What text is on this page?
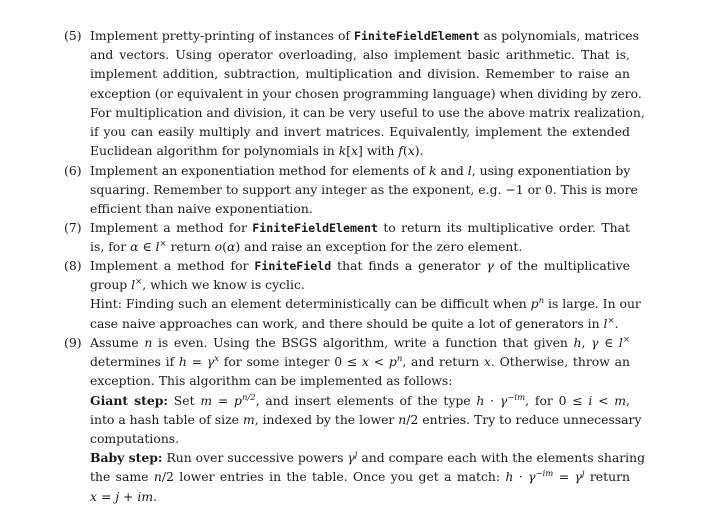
(5) Implement pretty-printing of instances of FiniteFieldElement as polynomials, matrices
and vectors. Using operator overloading, also implement basic arithmetic. That is,
implement addition, subtraction, multiplication and division. Remember to raise an
exception (or equivalent in your chosen programming language) when dividing by zero.
For multiplication and division, it can be very useful to use the above matrix realization,
if you can easily multiply and invert matrices. Equivalently, implement the extended
Euclidean algorithm for polynomials in k[x] with f(x).
(6) Implement an exponentiation method for elements of k and l, using exponentiation by
squaring. Remember to support any integer as the exponent, e.g. −1 or 0. This is more
efficient than naive exponentiation.
(7) Implement a method for FiniteFieldElement to return its multiplicative order. That
is, for α ∈ l× return o(α) and raise an exception for the zero element.
(8) Implement a method for FiniteField that finds a generator γ of the multiplicative
group l×, which we know is cyclic.
Hint: Finding such an element deterministically can be difficult when $p^n$ is large. In our
case naive approaches can work, and there should be quite a lot of generators in l×.
(9) Assume n is even. Using the BSGS algorithm, write a function that given h, γ ∈ l×
determines if $h = \gamma^x$ for some integer $0 \le x < p^n$, and return x. Otherwise, throw an
exception. This algorithm can be implemented as follows:
Giant step: Set $m = p^{n/2}$, and insert elements of the type $h \cdot \gamma^{-im}$, for 0 ≤ i < m,
into a hash table of size m, indexed by the lower n/2 entries. Try to reduce unnecessary
computations.
Baby step: Run over successive powers $\gamma^j$ and compare each with the elements sharing
the same n/2 lower entries in the table. Once you get a match: $h \cdot \gamma^{-im} = \gamma^j$ return
x = j + im.
